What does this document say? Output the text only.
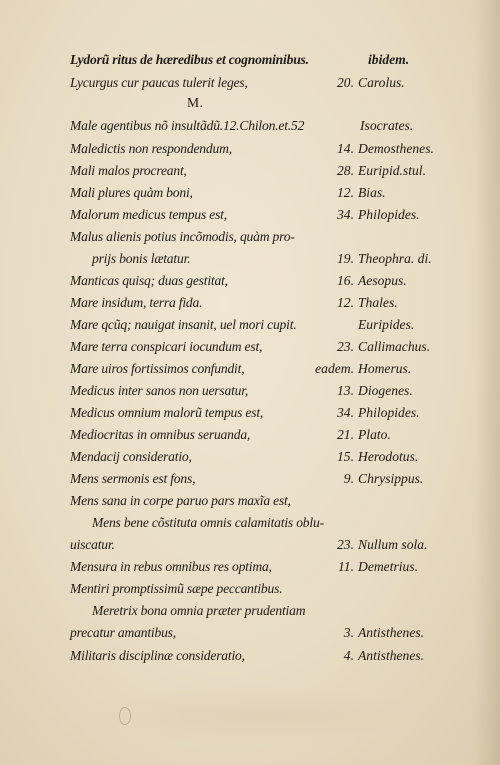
Lydorũ ritus de hæredibus et cognominibus.	ibidem.
Lycurgus cur paucas tulerit leges,	20. Carolus.
M.
Male agentibus nõ insultãdũ.12.Chilon.et.52	Isocrates.
Maledictis non respondendum,	14. Demosthenes.
Mali malos procreant,	28. Euripid.stul.
Mali plures quàm boni,	12. Bias.
Malorum medicus tempus est,	34. Philopides.
Malus alienis potius incõmodis, quàm pro-
prijs bonis lætatur.	19. Theophra. di.
Manticas quisq; duas gestitat,	16. Aesopus.
Mare insidum, terra fida.	12. Thales.
Mare qcũq; nauigat insanit, uel mori cupit.	Euripides.
Mare terra conspicari iocundum est,	23. Callimachus.
Mare uiros fortissimos confundit,	eadem. Homerus.
Medicus inter sanos non uersatur,	13. Diogenes.
Medicus omnium malorũ tempus est,	34. Philopides.
Mediocritas in omnibus seruanda,	21. Plato.
Mendacij consideratio,	15. Herodotus.
Mens sermonis est fons,	9. Chrysippus.
Mens sana in corpe paruo pars maxĩa est,
Mens bene cõstituta omnis calamitatis oblu-
uiscatur.	23. Nullum sola.
Mensura in rebus omnibus res optima,	11. Demetrius.
Mentiri promptissimũ sæpe peccantibus.
Meretrix bona omnia præter prudentiam
precatur amantibus,	3. Antisthenes.
Militaris disciplinæ consideratio,	4. Antisthenes.
